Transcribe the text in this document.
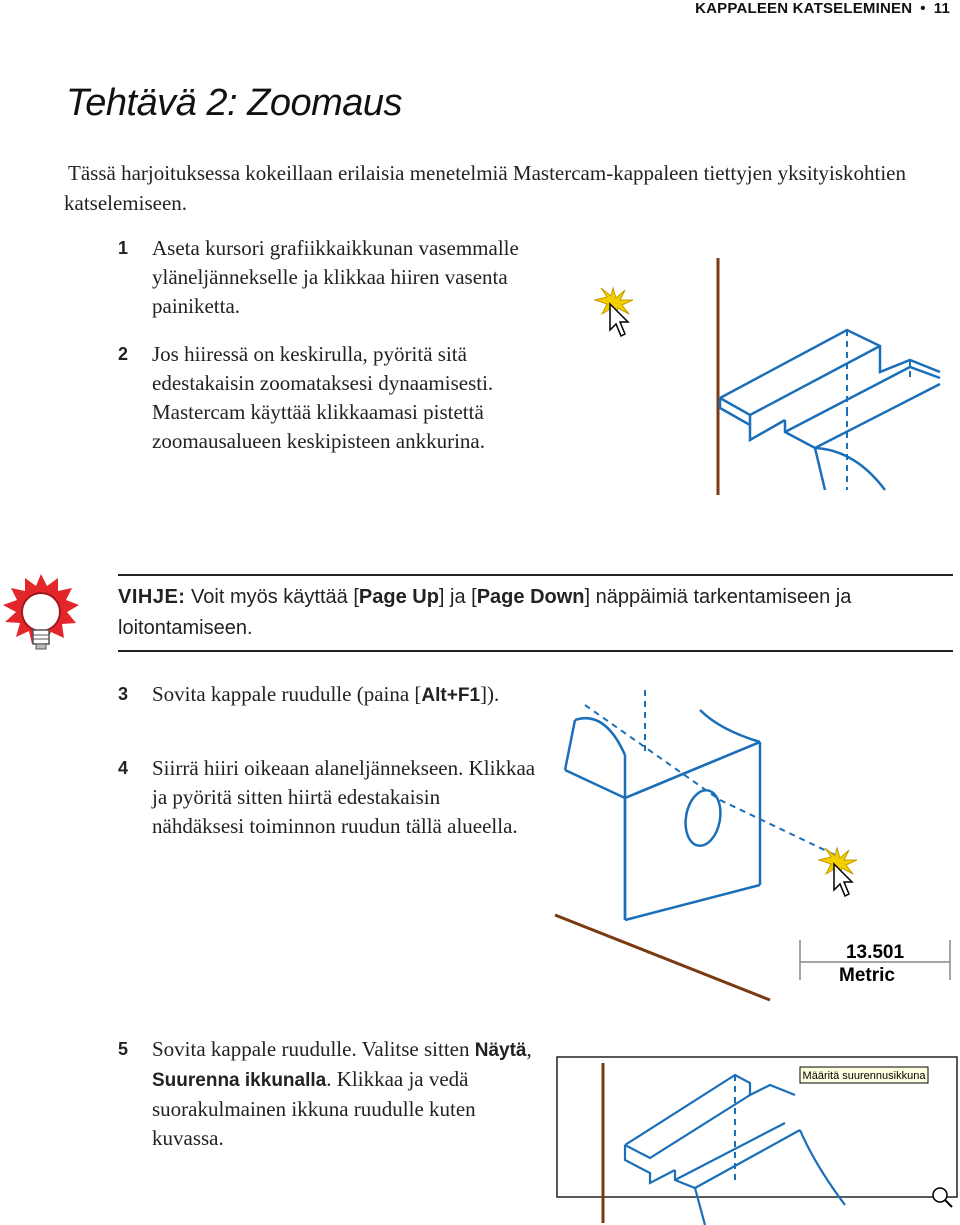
KAPPALEEN KATSELEMINEN • 11
Tehtävä 2: Zoomaus
Tässä harjoituksessa kokeillaan erilaisia menetelmiä Mastercam-kappaleen tiettyjen yksityiskohtien katselemiseen.
1 Aseta kursori grafiikkaikkunan vasemmalle yläneljännekselle ja klikkaa hiiren vasenta painiketta.
2 Jos hiiressä on keskirulla, pyöritä sitä edestakaisin zoomataksesi dynaamisesti. Mastercam käyttää klikkaamasi pistettä zoomausalueen keskipisteen ankkurina.
VIHJE: Voit myös käyttää [Page Up] ja [Page Down] näppäimiä tarkentamiseen ja loitontamiseen.
3 Sovita kappale ruudulle (paina [Alt+F1]).
4 Siirrä hiiri oikeaan alaneljännekseen. Klikkaa ja pyöritä sitten hiirtä edestakaisin nähdäksesi toiminnon ruudun tällä alueella.
13.501
Metric
5 Sovita kappale ruudulle. Valitse sitten Näytä, Suurenna ikkunalla. Klikkaa ja vedä suorakulmainen ikkuna ruudulle kuten kuvassa.
Määritä suurennusikkuna
